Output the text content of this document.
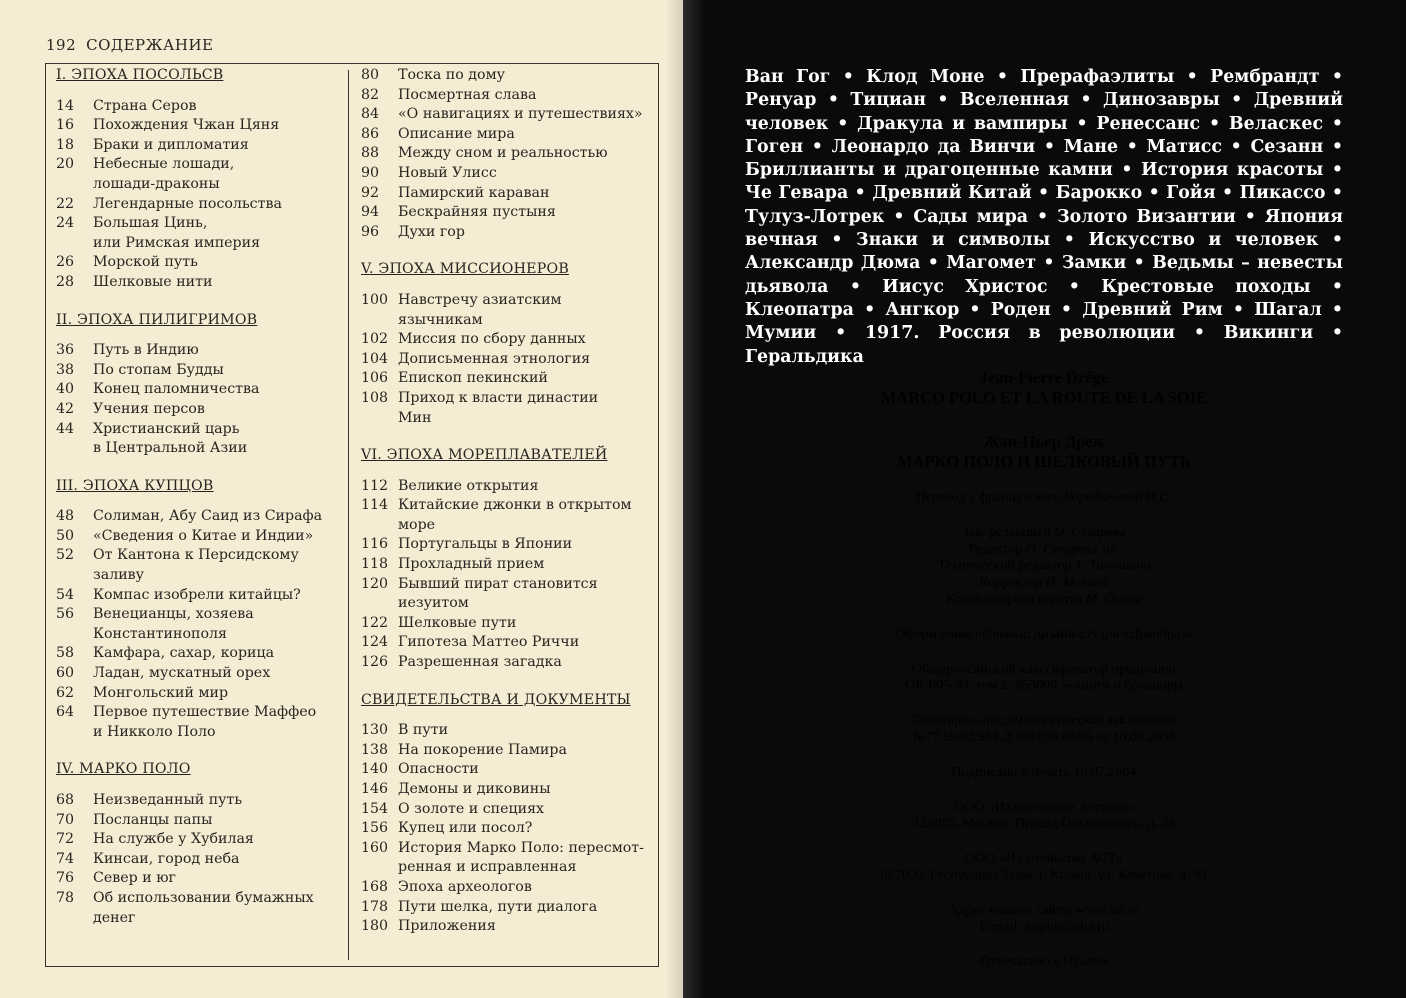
192 СОДЕРЖАНИЕ
I. ЭПОХА ПОСОЛЬСВ
14	Страна Серов
16	Похождения Чжан Цяня
18	Браки и дипломатия
20	Небесные лошади,
лошади-драконы
22	Легендарные посольства
24	Большая Цинь,
или Римская империя
26	Морской путь
28	Шелковые нити
II. ЭПОХА ПИЛИГРИМОВ
36	Путь в Индию
38	По стопам Будды
40	Конец паломничества
42	Учения персов
44	Христианский царь
в Центральной Азии
III. ЭПОХА КУПЦОВ
48	Солиман, Абу Саид из Сирафа
50	«Сведения о Китае и Индии»
52	От Кантона к Персидскому
заливу
54	Компас изобрели китайцы?
56	Венецианцы, хозяева
Константинополя
58	Камфара, сахар, корица
60	Ладан, мускатный орех
62	Монгольский мир
64	Первое путешествие Маффео
и Никколо Поло
IV. МАРКО ПОЛО
68	Неизведанный путь
70	Посланцы папы
72	На службе у Хубилая
74	Кинсаи, город неба
76	Север и юг
78	Об использовании бумажных
денег
80	Тоска по дому
82	Посмертная слава
84	«О навигациях и путешествиях»
86	Описание мира
88	Между сном и реальностью
90	Новый Улисс
92	Памирский караван
94	Бескрайняя пустыня
96	Духи гор
V. ЭПОХА МИССИОНЕРОВ
100 Навстречу азиатским
язычникам
102 Миссия по сбору данных
104 Дописьменная этнология
106 Епископ пекинский
108 Приход к власти династии
Мин
VI. ЭПОХА МОРЕПЛАВАТЕЛЕЙ
112 Великие открытия
114 Китайские джонки в открытом
море
116 Португальцы в Японии
118 Прохладный прием
120 Бывший пират становится
иезуитом
122 Шелковые пути
124 Гипотеза Маттео Риччи
126 Разрешенная загадка
СВИДЕТЕЛЬСТВА И ДОКУМЕНТЫ
130 В пути
138 На покорение Памира
140 Опасности
146 Демоны и диковины
154 О золоте и специях
156 Купец или посол?
160 История Марко Поло: пересмот-
ренная и исправленная
168 Эпоха археологов
178 Пути шелка, пути диалога
180 Приложения
Ван Гог • Клод Моне • Прерафаэлиты • Рембрандт • Ренуар • Тициан • Вселенная • Динозавры • Древний человек • Дракула и вампиры • Ренессанс • Веласкес • Гоген • Леонардо да Винчи • Мане • Матисс • Сезанн • Бриллианты и драгоценные камни • История красоты • Че Гевара • Древний Китай • Барокко • Гойя • Пикассо • Тулуз-Лотрек • Сады мира • Золото Византии • Япония вечная • Знаки и символы • Искусство и человек • Александр Дюма • Магомет • Замки • Ведьмы – невесты дьявола • Иисус Христос • Крестовые походы • Клеопатра • Ангкор • Роден • Древний Рим • Шагал • Мумии • 1917. Россия в революции • Викинги • Геральдика
Jean-Pierre Drége
MARCO POLO ET LA ROUTE DE LA SOIE
Жан-Пьер Дреж
МАРКО ПОЛО И ШЕЛКОВЫЙ ПУТЬ
Перевод с французского Бородычевой И.С.
Зав. редакцией О. Сухарева
Редактор О. Сухарева мл.
Технический редактор Т. Тимошина
Корректор И. Мокина
Компьютерная верстка М. Осина
Оформление обложки: дизайн-студия «Дикобраз»
Общероссийский классификатор продукции
ОК-005-93, том 2; 953000 —книги и брошюры
Санитарно-эпидемиологическое заключение
№77.99.02.953.Д.001056.03.05 от 10.03.2005
Подписано в печать 16.07.2004
ООО «Издательство Астрель»
129085, Москва, Проезд Ольминского, д. 3а
ООО «Издательство АСТ»
667000, Республика Тыва, г. Кызыл, ул. Кочетова, д. 93
Адрес нашего сайта: www.ast.ru
E-mail: astpub@aha.ru
Отпечатано в Италии
